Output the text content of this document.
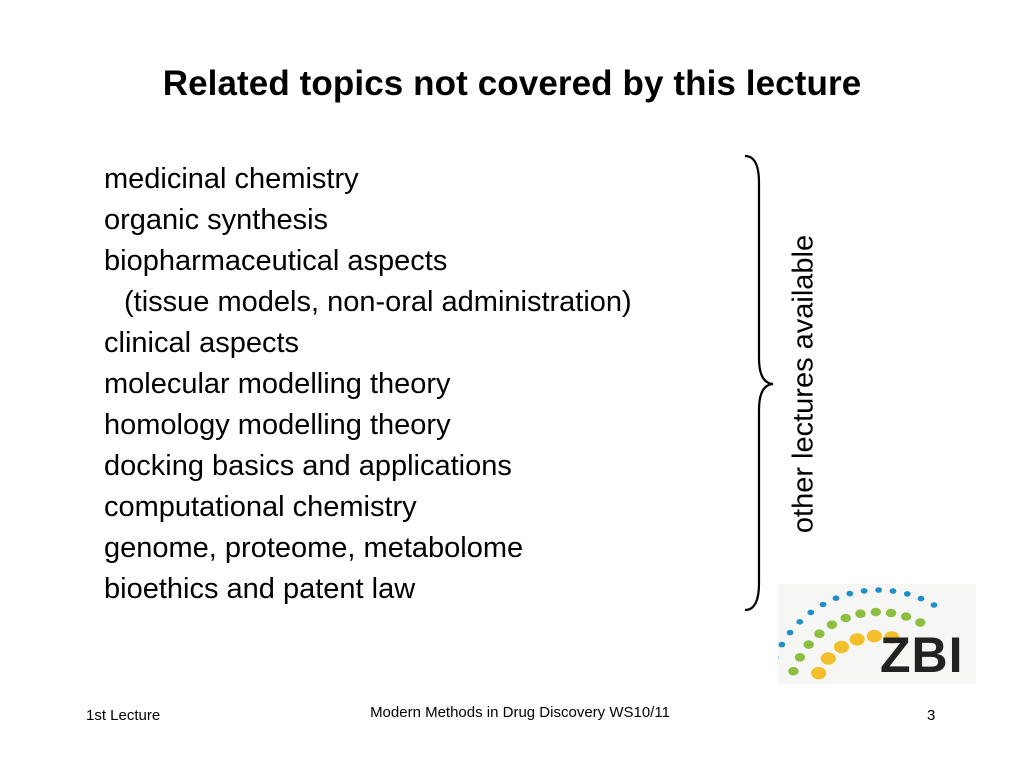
Related topics not covered by this lecture
medicinal chemistry
organic synthesis
biopharmaceutical aspects
(tissue models, non-oral administration)
clinical aspects
molecular modelling theory
homology modelling theory
docking basics and applications
computational chemistry
genome, proteome, metabolome
bioethics and patent law
other lectures available
ZBI
1st Lecture	Modern Methods in Drug Discovery WS10/11	3
